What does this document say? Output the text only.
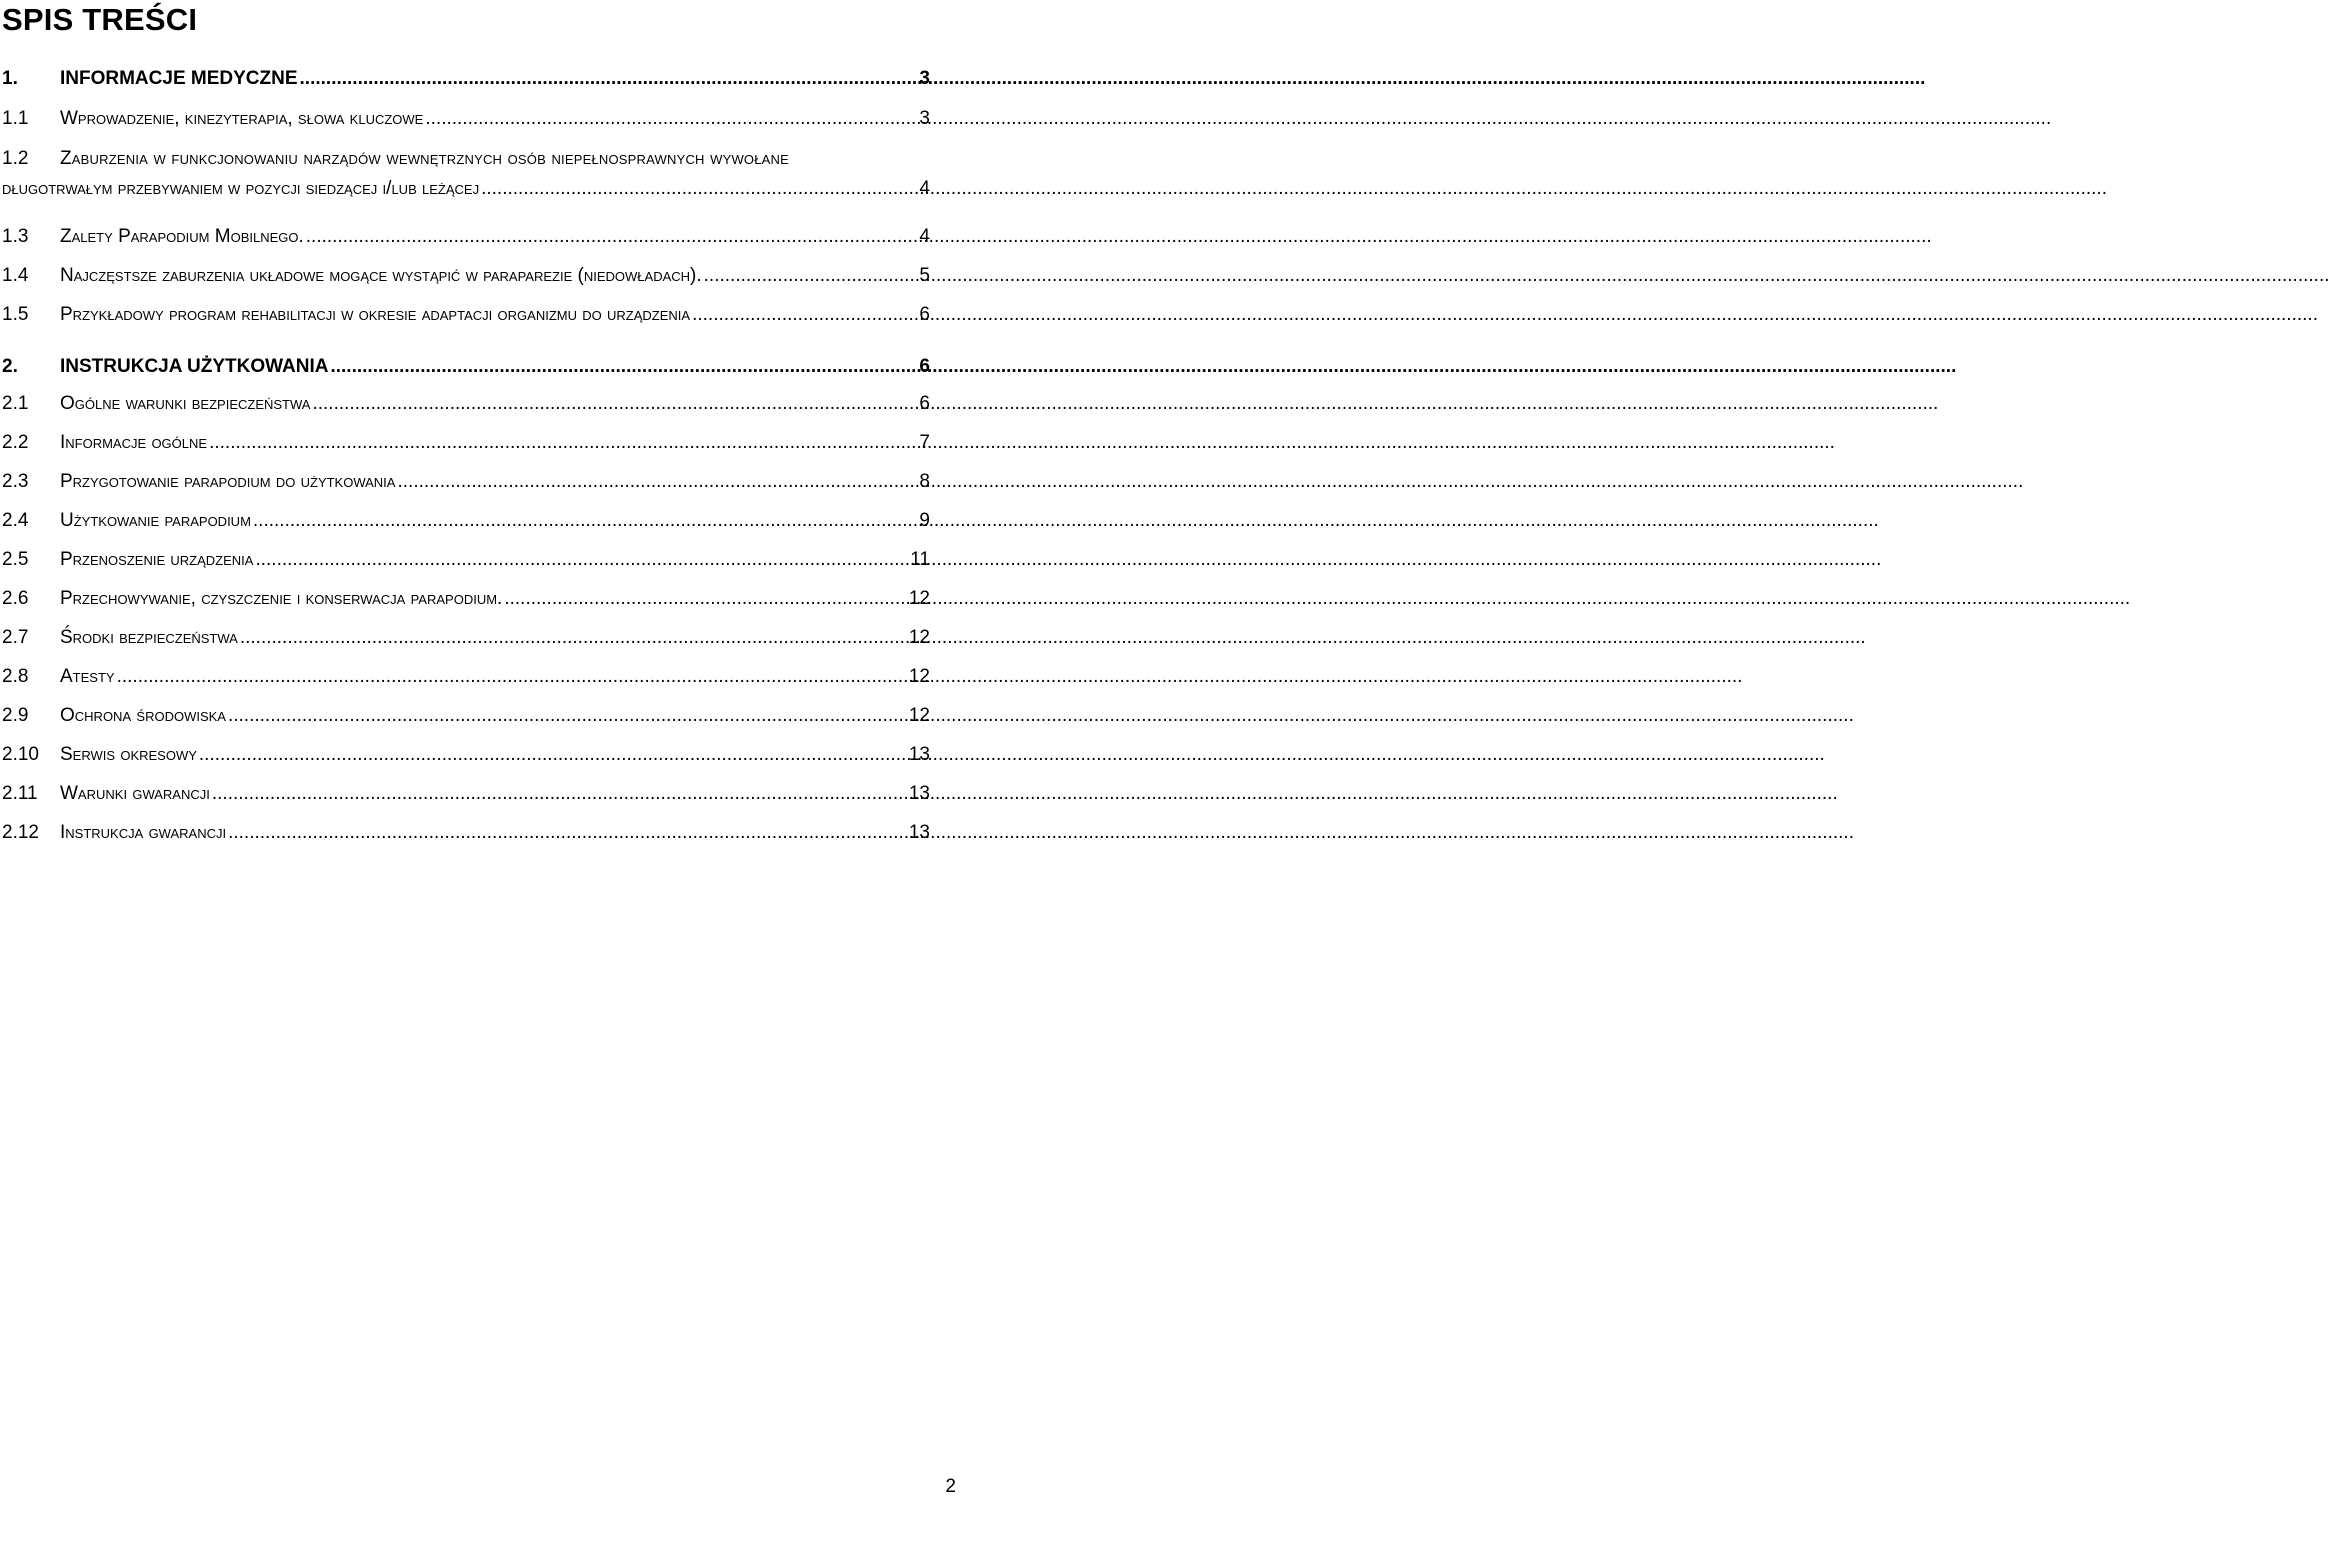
SPIS TREŚCI
1.	INFORMACJE MEDYCZNE .....	3
1.1	Wprowadzenie, kinezyterapia, słowa kluczowe .....	3
1.2	Zaburzenia w funkcjonowaniu narządów wewnętrznych osób niepełnosprawnych wywołane
długotrwałym przebywaniem w pozycji siedzącej i/lub leżącej .....	4
1.3	Zalety Parapodium Mobilnego. .....	4
1.4	Najczęstsze zaburzenia układowe mogące wystąpić w paraparezie (niedowładach). .....	5
1.5	Przykładowy program rehabilitacji w okresie adaptacji organizmu do urządzenia .....	6
2.	INSTRUKCJA UŻYTKOWANIA .....	6
2.1	Ogólne warunki bezpieczeństwa .....	6
2.2	Informacje ogólne .....	7
2.3	Przygotowanie parapodium do użytkowania .....	8
2.4	Użytkowanie parapodium .....	9
2.5	Przenoszenie urządzenia .....	11
2.6	Przechowywanie, czyszczenie i konserwacja parapodium. .....	12
2.7	Środki bezpieczeństwa .....	12
2.8	Atesty .....	12
2.9	Ochrona środowiska .....	12
2.10	Serwis okresowy .....	13
2.11	Warunki gwarancji .....	13
2.12	Instrukcja gwarancji .....	13
2
